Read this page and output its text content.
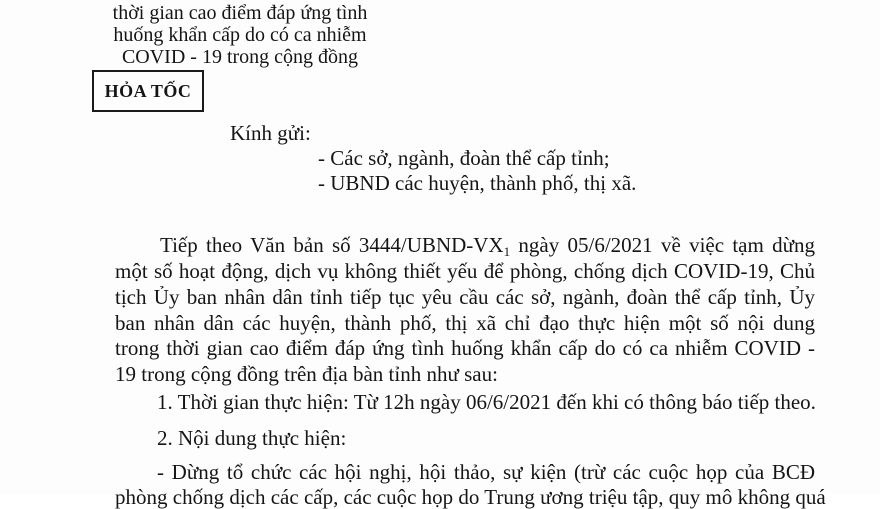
thời gian cao điểm đáp ứng tình
huống khẩn cấp do có ca nhiễm
COVID - 19 trong cộng đồng
HỎA TỐC
Kính gửi:
- Các sở, ngành, đoàn thể cấp tỉnh;
- UBND các huyện, thành phố, thị xã.
Tiếp theo Văn bản số $3444/UBND-VX_1$ ngày 05/6/2021 về việc tạm dừng
một số hoạt động, dịch vụ không thiết yếu để phòng, chống dịch COVID-19, Chủ
tịch Ủy ban nhân dân tỉnh tiếp tục yêu cầu các sở, ngành, đoàn thể cấp tỉnh, Ủy
ban nhân dân các huyện, thành phố, thị xã chỉ đạo thực hiện một số nội dung
trong thời gian cao điểm đáp ứng tình huống khẩn cấp do có ca nhiễm COVID -
19 trong cộng đồng trên địa bàn tỉnh như sau:
1. Thời gian thực hiện: Từ 12h ngày 06/6/2021 đến khi có thông báo tiếp theo.
2. Nội dung thực hiện:
- Dừng tổ chức các hội nghị, hội thảo, sự kiện (trừ các cuộc họp của BCĐ
phòng chống dịch các cấp, các cuộc họp do Trung ương triệu tập, quy mô không quá
